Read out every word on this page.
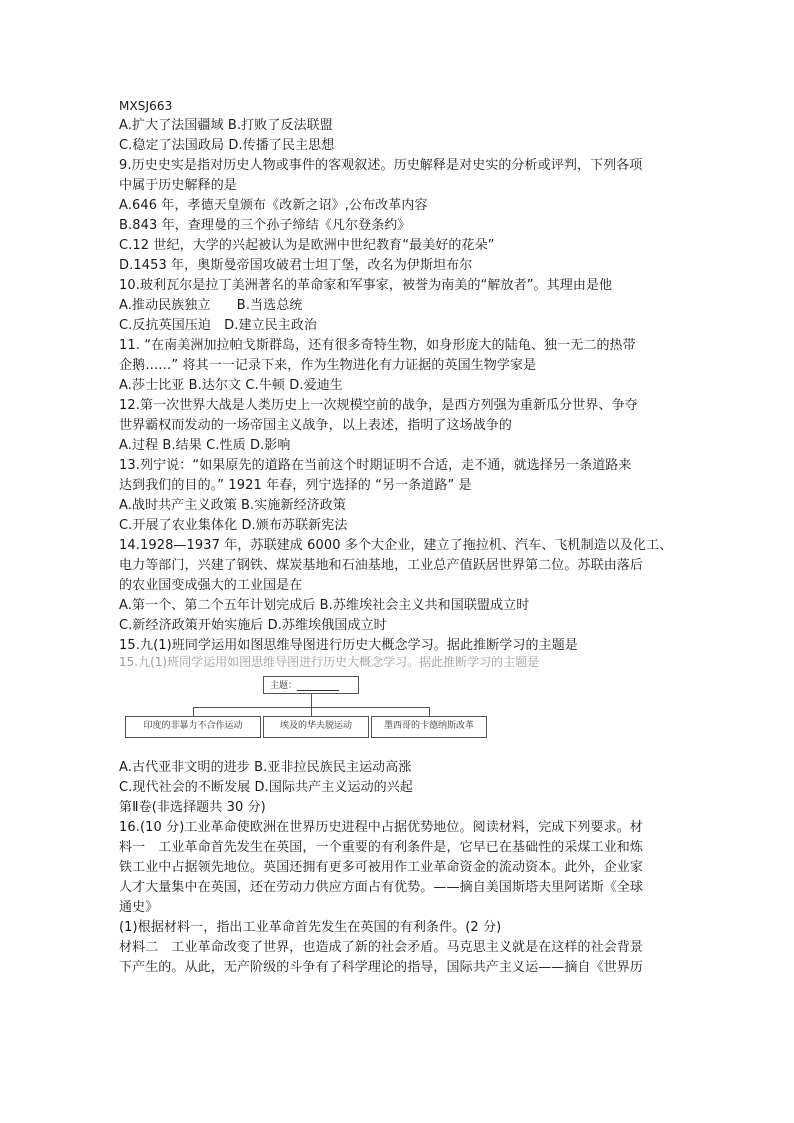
MXSJ663
A.扩大了法国疆域 B.打败了反法联盟
C.稳定了法国政局 D.传播了民主思想
9.历史史实是指对历史人物或事件的客观叙述。历史解释是对史实的分析或评判，下列各项
中属于历史解释的是
A.646 年，孝德天皇颁布《改新之诏》,公布改革内容
B.843 年，查理曼的三个孙子缔结《凡尔登条约》
C.12 世纪，大学的兴起被认为是欧洲中世纪教育“最美好的花朵”
D.1453 年，奥斯曼帝国攻破君士坦丁堡，改名为伊斯坦布尔
10.玻利瓦尔是拉丁美洲著名的革命家和军事家，被誉为南美的“解放者”。其理由是他
A.推动民族独立　　B.当选总统
C.反抗英国压迫　D.建立民主政治
11. “在南美洲加拉帕戈斯群岛，还有很多奇特生物，如身形庞大的陆龟、独一无二的热带
企鹅……” 将其一一记录下来，作为生物进化有力证据的英国生物学家是
A.莎士比亚 B.达尔文 C.牛顿 D.爱迪生
12.第一次世界大战是人类历史上一次规模空前的战争，是西方列强为重新瓜分世界、争夺
世界霸权而发动的一场帝国主义战争，以上表述，指明了这场战争的
A.过程 B.结果 C.性质 D.影响
13.列宁说：“如果原先的道路在当前这个时期证明不合适，走不通，就选择另一条道路来
达到我们的目的。” 1921 年春，列宁选择的 “另一条道路” 是
A.战时共产主义政策 B.实施新经济政策
C.开展了农业集体化 D.颁布苏联新宪法
14.1928—1937 年，苏联建成 6000 多个大企业，建立了拖拉机、汽车、飞机制造以及化工、
电力等部门，兴建了钢铁、煤炭基地和石油基地，工业总产值跃居世界第二位。苏联由落后
的农业国变成强大的工业国是在
A.第一个、第二个五年计划完成后 B.苏维埃社会主义共和国联盟成立时
C.新经济政策开始实施后 D.苏维埃俄国成立时
15.九(1)班同学运用如图思维导图进行历史大概念学习。据此推断学习的主题是
15.九(1)班同学运用如图思维导图进行历史大概念学习。据此推断学习的主题是
主题：
印度的非暴力不合作运动	埃及的华夫脱运动	墨西哥的卡德纳斯改革
A.古代亚非文明的进步 B.亚非拉民族民主运动高涨
C.现代社会的不断发展 D.国际共产主义运动的兴起
第Ⅱ卷(非选择题共 30 分)
16.(10 分)工业革命使欧洲在世界历史进程中占据优势地位。阅读材料，完成下列要求。材
料一　工业革命首先发生在英国，一个重要的有利条件是，它早已在基础性的采煤工业和炼
铁工业中占据领先地位。英国还拥有更多可被用作工业革命资金的流动资本。此外，企业家
人才大量集中在英国，还在劳动力供应方面占有优势。——摘自美国斯塔夫里阿诺斯《全球
通史》
(1)根据材料一，指出工业革命首先发生在英国的有利条件。(2 分)
材料二　工业革命改变了世界，也造成了新的社会矛盾。马克思主义就是在这样的社会背景
下产生的。从此，无产阶级的斗争有了科学理论的指导，国际共产主义运——摘自《世界历
